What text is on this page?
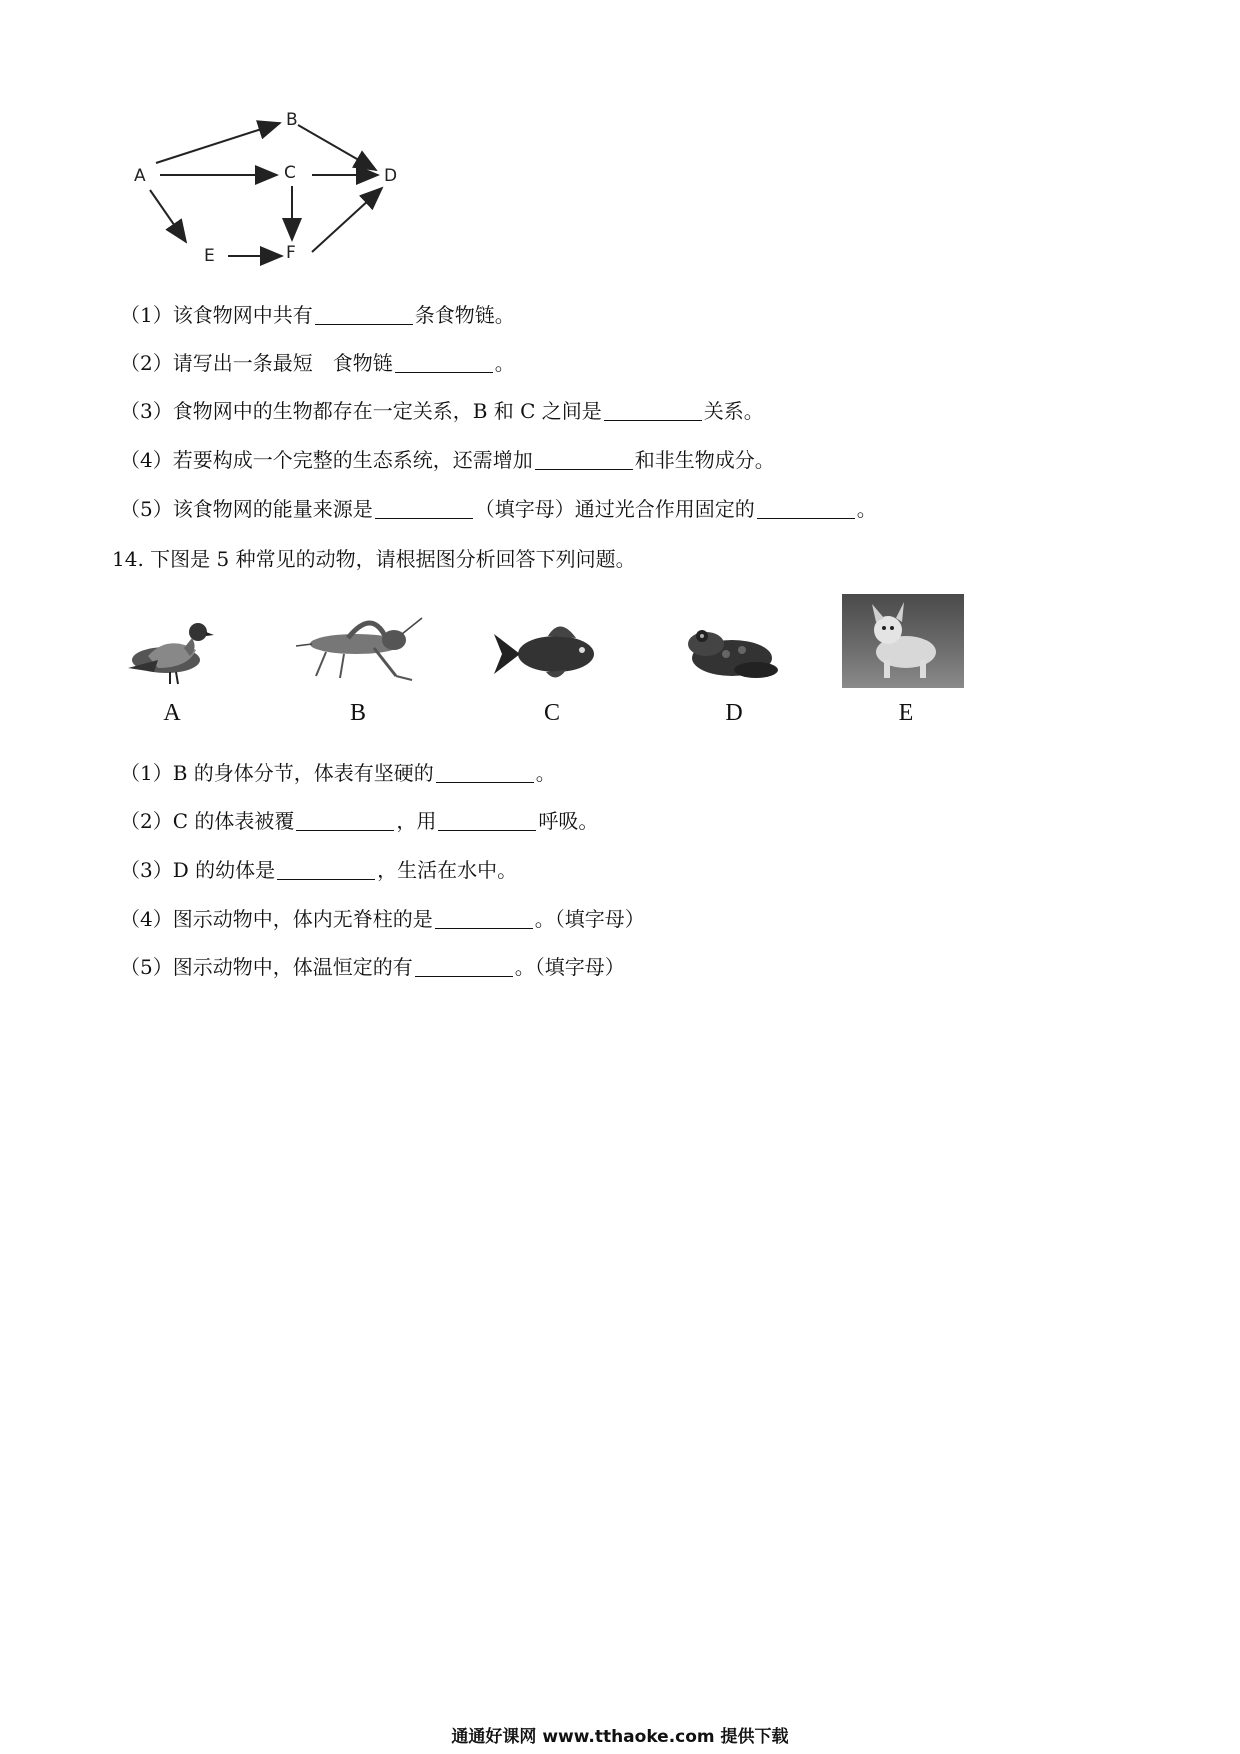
A
B
C	D
E	F
（1）该食物网中共有	条食物链。
（2）请写出一条最短　食物链	。
（3）食物网中的生物都存在一定关系，B 和 C 之间是	关系。
（4）若要构成一个完整的生态系统，还需增加	和非生物成分。
（5）该食物网的能量来源是	（填字母）通过光合作用固定的	。
14. 下图是 5 种常见的动物，请根据图分析回答下列问题。
A	B	C	D	E
（1）B 的身体分节，体表有坚硬的	。
（2）C 的体表被覆	，用	呼吸。
（3）D 的幼体是	，生活在水中。
（4）图示动物中，体内无脊柱的是	。（填字母）
（5）图示动物中，体温恒定的有	。（填字母）
通通好课网 www.tthaoke.com 提供下载
